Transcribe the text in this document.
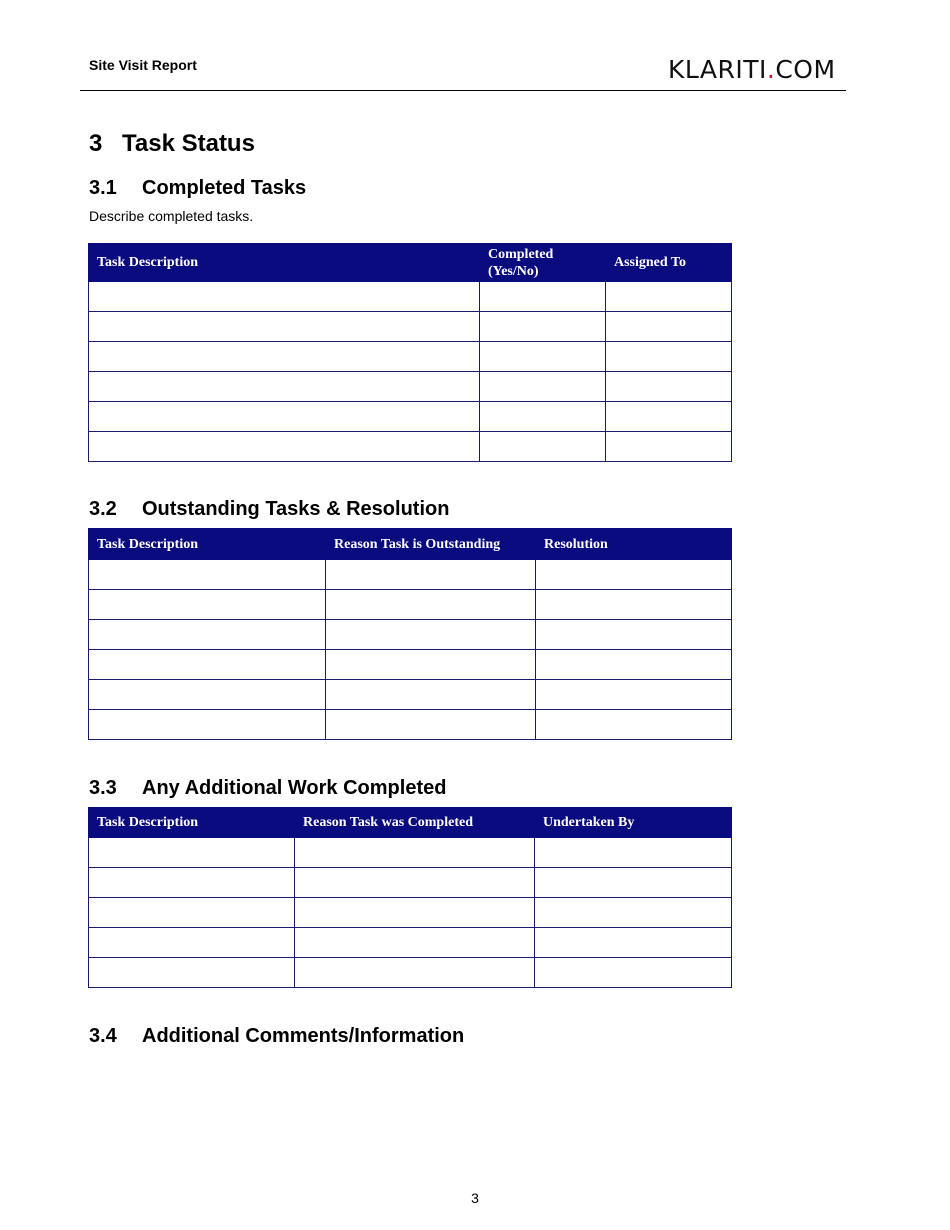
Site Visit Report	KLARITI.COM
3 Task Status
3.1 Completed Tasks
Describe completed tasks.
Task Description	Completed (Yes/No)	Assigned To

3.2 Outstanding Tasks & Resolution
Task Description	Reason Task is Outstanding	Resolution

3.3 Any Additional Work Completed
Task Description	Reason Task was Completed	Undertaken By

3.4 Additional Comments/Information
3
